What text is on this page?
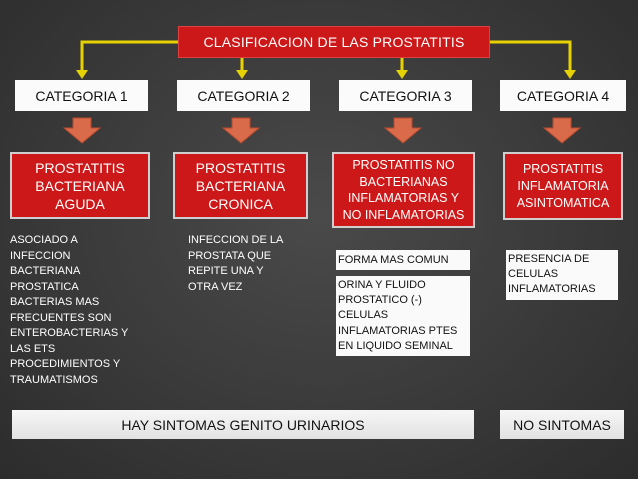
CLASIFICACION DE LAS PROSTATITIS
CATEGORIA 1	CATEGORIA 2	CATEGORIA 3	CATEGORIA 4
PROSTATITIS
BACTERIANA
AGUDA
PROSTATITIS
BACTERIANA
CRONICA
PROSTATITIS NO
BACTERIANAS
INFLAMATORIAS Y
NO INFLAMATORIAS
PROSTATITIS
INFLAMATORIA
ASINTOMATICA
ASOCIADO A
INFECCION
BACTERIANA
PROSTATICA
BACTERIAS MAS
FRECUENTES SON
ENTEROBACTERIAS Y
LAS ETS
PROCEDIMIENTOS Y
TRAUMATISMOS
INFECCION DE LA
PROSTATA QUE
REPITE UNA Y
OTRA VEZ
FORMA MAS COMUN
ORINA Y FLUIDO
PROSTATICO (-)
CELULAS
INFLAMATORIAS PTES
EN LIQUIDO SEMINAL
PRESENCIA DE
CELULAS
INFLAMATORIAS
HAY SINTOMAS GENITO URINARIOS	NO SINTOMAS
